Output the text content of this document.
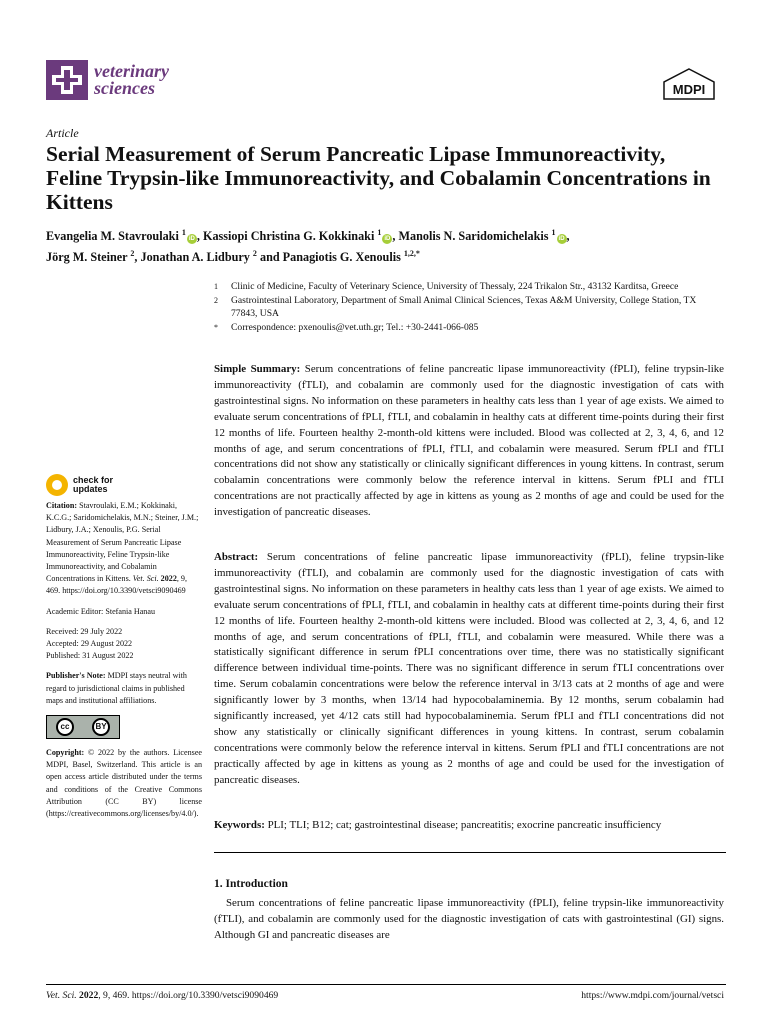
veterinary
sciences	MDPI
Article
Serial Measurement of Serum Pancreatic Lipase Immunoreactivity, Feline Trypsin-like Immunoreactivity, and Cobalamin Concentrations in Kittens
Evangelia M. Stavroulaki $^1$iD , Kassiopi Christina G. Kokkinaki $^1$iD , Manolis N. Saridomichelakis $^1$iD ,
Jörg M. Steiner $^2$, Jonathan A. Lidbury $^2$ and Panagiotis G. Xenoulis $^{1,2,*}$
1	Clinic of Medicine, Faculty of Veterinary Science, University of Thessaly, 224 Trikalon Str., 43132 Karditsa, Greece
2	Gastrointestinal Laboratory, Department of Small Animal Clinical Sciences, Texas A&M University, College Station, TX 77843, USA
*	Correspondence: pxenoulis@vet.uth.gr; Tel.: +30-2441-066-085
check for
updates
Citation: Stavroulaki, E.M.; Kokkinaki, K.C.G.; Saridomichelakis, M.N.; Steiner, J.M.; Lidbury, J.A.; Xenoulis, P.G. Serial Measurement of Serum Pancreatic Lipase Immunoreactivity, Feline Trypsin-like Immunoreactivity, and Cobalamin Concentrations in Kittens. Vet. Sci. 2022, 9, 469. https://doi.org/10.3390/vetsci9090469
Academic Editor: Stefania Hanau
Received: 29 July 2022
Accepted: 29 August 2022
Published: 31 August 2022
Publisher's Note: MDPI stays neutral with regard to jurisdictional claims in published maps and institutional affiliations.
cc	BY
Copyright: © 2022 by the authors. Licensee MDPI, Basel, Switzerland. This article is an open access article distributed under the terms and conditions of the Creative Commons Attribution (CC BY) license (https://creativecommons.org/licenses/by/4.0/).
Simple Summary: Serum concentrations of feline pancreatic lipase immunoreactivity (fPLI), feline trypsin-like immunoreactivity (fTLI), and cobalamin are commonly used for the diagnostic investigation of cats with gastrointestinal signs. No information on these parameters in healthy cats less than 1 year of age exists. We aimed to evaluate serum concentrations of fPLI, fTLI, and cobalamin in healthy cats at different time-points during their first 12 months of life. Fourteen healthy 2-month-old kittens were included. Blood was collected at 2, 3, 4, 6, and 12 months of age, and serum concentrations of fPLI, fTLI, and cobalamin were measured. Serum fPLI and fTLI concentrations did not show any statistically or clinically significant differences in young kittens. In contrast, serum cobalamin concentrations were commonly below the reference interval in kittens. Serum fPLI and fTLI concentrations are not practically affected by age in kittens as young as 2 months of age and could be used for the investigation of pancreatic diseases.
Abstract: Serum concentrations of feline pancreatic lipase immunoreactivity (fPLI), feline trypsin-like immunoreactivity (fTLI), and cobalamin are commonly used for the diagnostic investigation of cats with gastrointestinal signs. No information on these parameters in healthy cats less than 1 year of age exists. We aimed to evaluate serum concentrations of fPLI, fTLI, and cobalamin in healthy cats at different time-points during their first 12 months of life. Fourteen healthy 2-month-old kittens were included. Blood was collected at 2, 3, 4, 6, and 12 months of age, and serum concentrations of fPLI, fTLI, and cobalamin were measured. While there was a statistically significant difference in serum fPLI concentrations over time, there was no statistically significant difference between individual time-points. There was no significant difference in serum fTLI concentrations over time. Serum cobalamin concentrations were below the reference interval in 3/13 cats at 2 months of age and were significantly lower by 3 months, when 13/14 had hypocobalaminemia. By 12 months, serum cobalamin had significantly increased, yet 4/12 cats still had hypocobalaminemia. Serum fPLI and fTLI concentrations did not show any statistically or clinically significant differences in young kittens. In contrast, serum cobalamin concentrations were commonly below the reference interval in kittens. Serum fPLI and fTLI concentrations are not practically affected by age in kittens as young as 2 months of age and could be used for the investigation of pancreatic diseases.
Keywords: PLI; TLI; B12; cat; gastrointestinal disease; pancreatitis; exocrine pancreatic insufficiency
1. Introduction
Serum concentrations of feline pancreatic lipase immunoreactivity (fPLI), feline trypsin-like immunoreactivity (fTLI), and cobalamin are commonly used for the diagnostic investigation of cats with gastrointestinal (GI) signs. Although GI and pancreatic diseases are
Vet. Sci. 2022, 9, 469. https://doi.org/10.3390/vetsci9090469	https://www.mdpi.com/journal/vetsci
